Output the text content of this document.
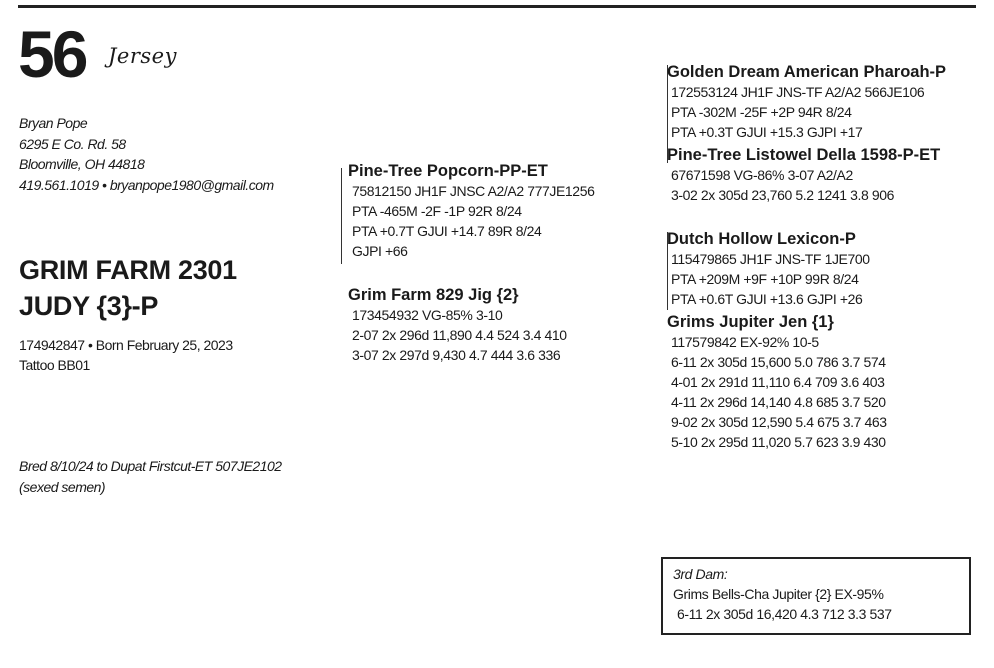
56 Jersey
Bryan Pope
6295 E Co. Rd. 58
Bloomville, OH 44818
419.561.1019 • bryanpope1980@gmail.com
GRIM FARM 2301
JUDY {3}-P
174942847 • Born February 25, 2023
Tattoo BB01
Bred 8/10/24 to Dupat Firstcut-ET 507JE2102
(sexed semen)
Pine-Tree Popcorn-PP-ET
75812150 JH1F JNSC A2/A2 777JE1256
PTA -465M -2F -1P 92R 8/24
PTA +0.7T GJUI +14.7 89R 8/24
GJPI +66
Grim Farm 829 Jig {2}
173454932 VG-85% 3-10
2-07 2x 296d 11,890 4.4 524 3.4 410
3-07 2x 297d 9,430 4.7 444 3.6 336
Golden Dream American Pharoah-P
172553124 JH1F JNS-TF A2/A2 566JE106
PTA -302M -25F +2P 94R 8/24
PTA +0.3T GJUI +15.3 GJPI +17
Pine-Tree Listowel Della 1598-P-ET
67671598 VG-86% 3-07 A2/A2
3-02 2x 305d 23,760 5.2 1241 3.8 906
Dutch Hollow Lexicon-P
115479865 JH1F JNS-TF 1JE700
PTA +209M +9F +10P 99R 8/24
PTA +0.6T GJUI +13.6 GJPI +26
Grims Jupiter Jen {1}
117579842 EX-92% 10-5
6-11 2x 305d 15,600 5.0 786 3.7 574
4-01 2x 291d 11,110 6.4 709 3.6 403
4-11 2x 296d 14,140 4.8 685 3.7 520
9-02 2x 305d 12,590 5.4 675 3.7 463
5-10 2x 295d 11,020 5.7 623 3.9 430
3rd Dam:
Grims Bells-Cha Jupiter {2} EX-95%
6-11 2x 305d 16,420 4.3 712 3.3 537
